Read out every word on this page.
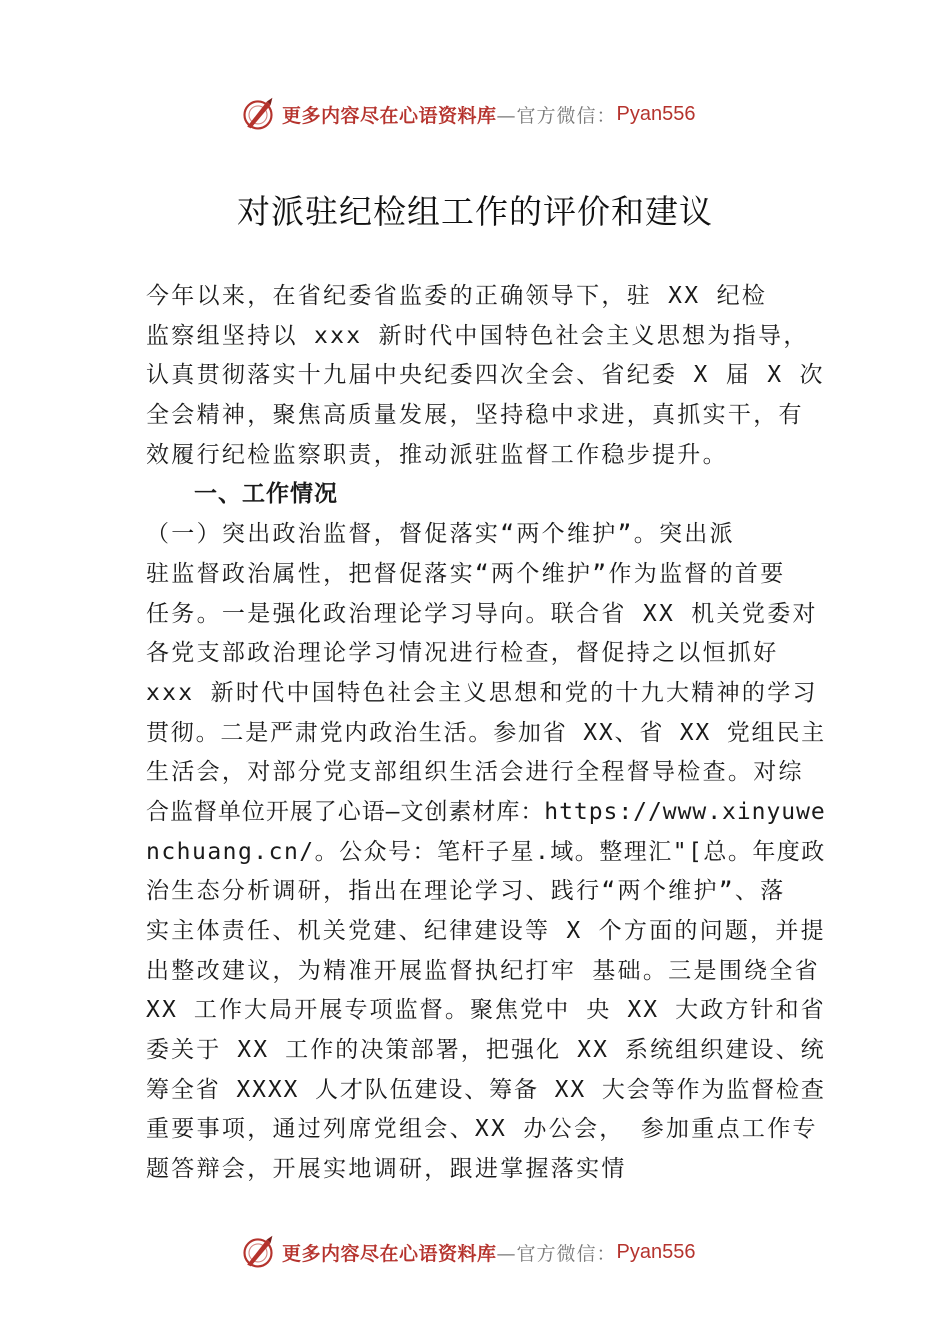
更多内容尽在心语资料库 —官方微信： Pyan556
对派驻纪检组工作的评价和建议
今年以来，在省纪委省监委的正确领导下，驻 XX 纪检
监察组坚持以 xxx 新时代中国特色社会主义思想为指导，
认真贯彻落实十九届中央纪委四次全会、省纪委 X 届 X 次
全会精神，聚焦高质量发展，坚持稳中求进，真抓实干，有
效履行纪检监察职责，推动派驻监督工作稳步提升。
一、工作情况
（一）突出政治监督，督促落实“两个维护”。突出派
驻监督政治属性，把督促落实“两个维护”作为监督的首要
任务。一是强化政治理论学习导向。联合省 XX 机关党委对
各党支部政治理论学习情况进行检查，督促持之以恒抓好
xxx 新时代中国特色社会主义思想和党的十九大精神的学习
贯彻。二是严肃党内政治生活。参加省 XX、省 XX 党组民主
生活会，对部分党支部组织生活会进行全程督导检查。对综
合监督单位开展了心语—文创素材库：https://www.xinyuwe
nchuang.cn/。公众号：笔杆子星.域。整理汇"[总。年度政
治生态分析调研，指出在理论学习、践行“两个维护”、落
实主体责任、机关党建、纪律建设等 X 个方面的问题，并提
出整改建议，为精准开展监督执纪打牢 基础。三是围绕全省
XX 工作大局开展专项监督。聚焦党中 央 XX 大政方针和省
委关于 XX 工作的决策部署，把强化 XX 系统组织建设、统
筹全省 XXXX 人才队伍建设、筹备 XX 大会等作为监督检查
重要事项，通过列席党组会、XX 办公会， 参加重点工作专
题答辩会，开展实地调研，跟进掌握落实情
更多内容尽在心语资料库 —官方微信： Pyan556
